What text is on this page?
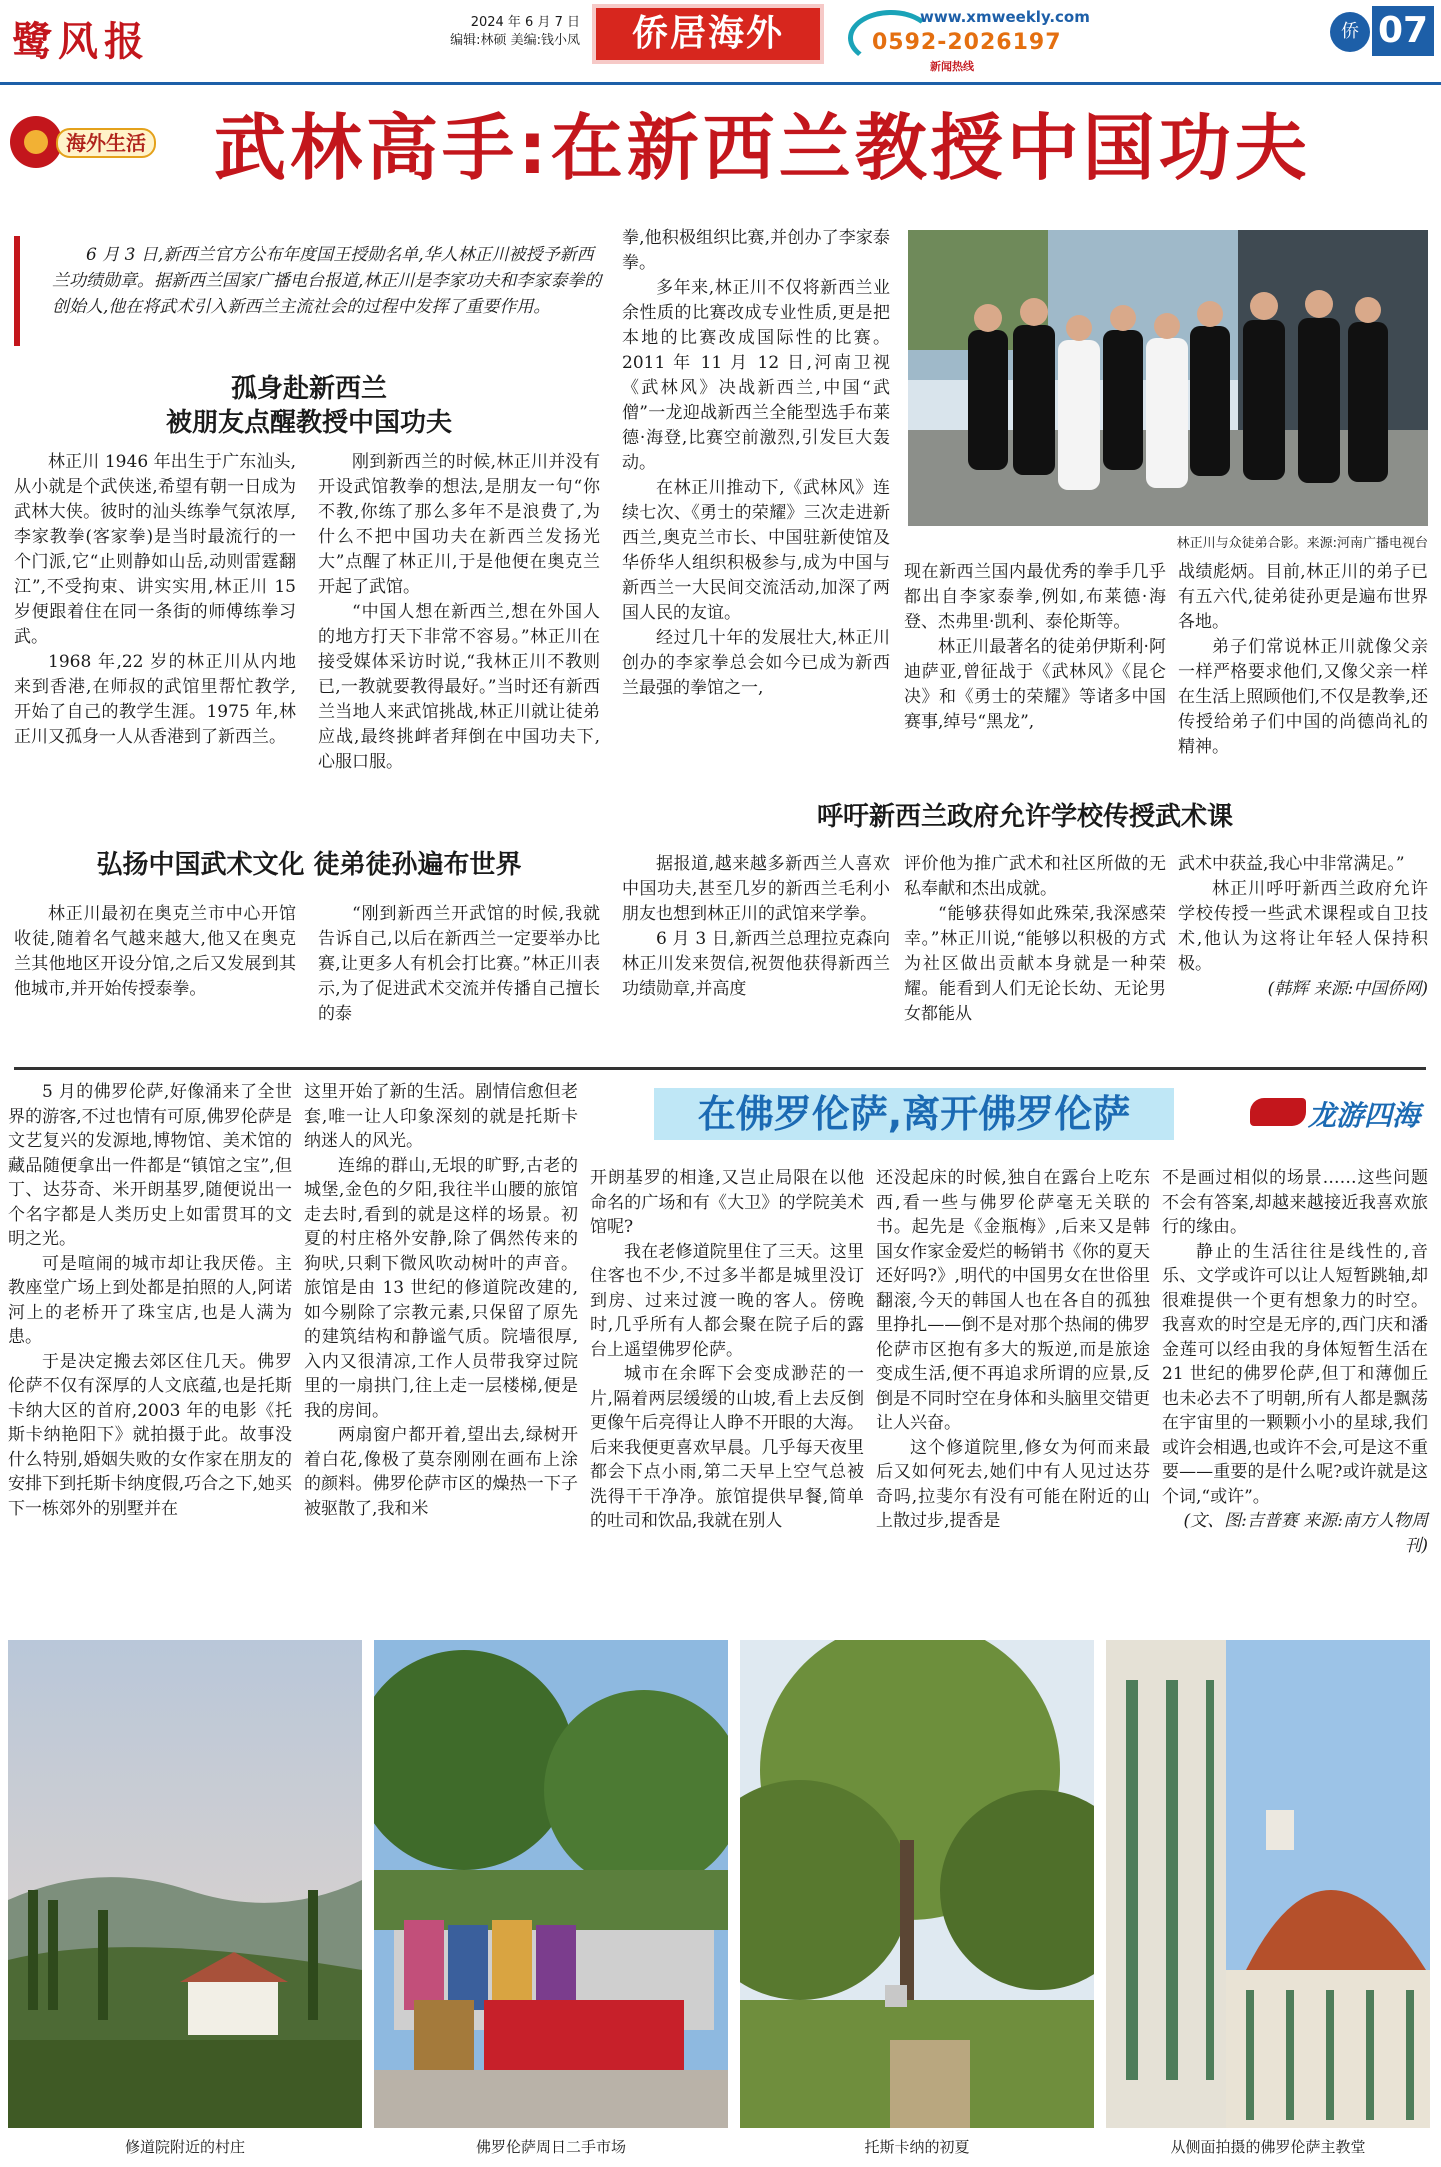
鹭风报	2024 年 6 月 7 日
编辑:林硕 美编:钱小凤	侨居海外	www.xmweekly.com
0592-2026197
新闻热线
侨 07
海外生活 武林高手:在新西兰教授中国功夫

6 月 3 日,新西兰官方公布年度国王授勋名单,华人林正川被授予新西兰功绩勋章。据新西兰国家广播电台报道,林正川是李家功夫和李家泰拳的创始人,他在将武术引入新西兰主流社会的过程中发挥了重要作用。

孤身赴新西兰
被朋友点醒教授中国功夫

林正川 1946 年出生于广东汕头,从小就是个武侠迷,希望有朝一日成为武林大侠。彼时的汕头练拳气氛浓厚,李家教拳(客家拳)是当时最流行的一个门派,它“止则静如山岳,动则雷霆翻江”,不受拘束、讲实实用,林正川 15 岁便跟着住在同一条街的师傅练拳习武。

1968 年,22 岁的林正川从内地来到香港,在师叔的武馆里帮忙教学,开始了自己的教学生涯。1975 年,林正川又孤身一人从香港到了新西兰。

刚到新西兰的时候,林正川并没有开设武馆教拳的想法,是朋友一句“你不教,你练了那么多年不是浪费了,为什么不把中国功夫在新西兰发扬光大”点醒了林正川,于是他便在奥克兰开起了武馆。

“中国人想在新西兰,想在外国人的地方打天下非常不容易。”林正川在接受媒体采访时说,“我林正川不教则已,一教就要教得最好。”当时还有新西兰当地人来武馆挑战,林正川就让徒弟应战,最终挑衅者拜倒在中国功夫下,心服口服。

弘扬中国武术文化 徒弟徒孙遍布世界

林正川最初在奥克兰市中心开馆收徒,随着名气越来越大,他又在奥克兰其他地区开设分馆,之后又发展到其他城市,并开始传授泰拳。

“刚到新西兰开武馆的时候,我就告诉自己,以后在新西兰一定要举办比赛,让更多人有机会打比赛。”林正川表示,为了促进武术交流并传播自己擅长的泰

拳,他积极组织比赛,并创办了李家泰拳。

多年来,林正川不仅将新西兰业余性质的比赛改成专业性质,更是把本地的比赛改成国际性的比赛。2011 年 11 月 12 日,河南卫视《武林风》决战新西兰,中国“武僧”一龙迎战新西兰全能型选手布莱德·海登,比赛空前激烈,引发巨大轰动。

在林正川推动下,《武林风》连续七次、《勇士的荣耀》三次走进新西兰,奥克兰市长、中国驻新使馆及华侨华人组织积极参与,成为中国与新西兰一大民间交流活动,加深了两国人民的友谊。

经过几十年的发展壮大,林正川创办的李家拳总会如今已成为新西兰最强的拳馆之一,

林正川与众徒弟合影。来源:河南广播电视台

现在新西兰国内最优秀的拳手几乎都出自李家泰拳,例如,布莱德·海登、杰弗里·凯利、泰伦斯等。

林正川最著名的徒弟伊斯利·阿迪萨亚,曾征战于《武林风》《昆仑决》和《勇士的荣耀》等诸多中国赛事,绰号“黑龙”,

战绩彪炳。目前,林正川的弟子已有五六代,徒弟徒孙更是遍布世界各地。

弟子们常说林正川就像父亲一样严格要求他们,又像父亲一样在生活上照顾他们,不仅是教拳,还传授给弟子们中国的尚德尚礼的精神。

呼吁新西兰政府允许学校传授武术课

据报道,越来越多新西兰人喜欢中国功夫,甚至几岁的新西兰毛利小朋友也想到林正川的武馆来学拳。

6 月 3 日,新西兰总理拉克森向林正川发来贺信,祝贺他获得新西兰功绩勋章,并高度

评价他为推广武术和社区所做的无私奉献和杰出成就。

“能够获得如此殊荣,我深感荣幸。”林正川说,“能够以积极的方式为社区做出贡献本身就是一种荣耀。能看到人们无论长幼、无论男女都能从

武术中获益,我心中非常满足。”

林正川呼吁新西兰政府允许学校传授一些武术课程或自卫技术,他认为这将让年轻人保持积极。

(韩辉 来源:中国侨网)
在佛罗伦萨,离开佛罗伦萨	龙游四海

5 月的佛罗伦萨,好像涌来了全世界的游客,不过也情有可原,佛罗伦萨是文艺复兴的发源地,博物馆、美术馆的藏品随便拿出一件都是“镇馆之宝”,但丁、达芬奇、米开朗基罗,随便说出一个名字都是人类历史上如雷贯耳的文明之光。

可是喧闹的城市却让我厌倦。主教座堂广场上到处都是拍照的人,阿诺河上的老桥开了珠宝店,也是人满为患。

于是决定搬去郊区住几天。佛罗伦萨不仅有深厚的人文底蕴,也是托斯卡纳大区的首府,2003 年的电影《托斯卡纳艳阳下》就拍摄于此。故事没什么特别,婚姻失败的女作家在朋友的安排下到托斯卡纳度假,巧合之下,她买下一栋郊外的别墅并在

这里开始了新的生活。剧情信愈但老套,唯一让人印象深刻的就是托斯卡纳迷人的风光。

连绵的群山,无垠的旷野,古老的城堡,金色的夕阳,我往半山腰的旅馆走去时,看到的就是这样的场景。初夏的村庄格外安静,除了偶然传来的狗吠,只剩下微风吹动树叶的声音。旅馆是由 13 世纪的修道院改建的,如今剔除了宗教元素,只保留了原先的建筑结构和静谧气质。院墙很厚,入内又很清凉,工作人员带我穿过院里的一扇拱门,往上走一层楼梯,便是我的房间。

两扇窗户都开着,望出去,绿树开着白花,像极了莫奈刚刚在画布上涂的颜料。佛罗伦萨市区的燥热一下子被驱散了,我和米

开朗基罗的相逢,又岂止局限在以他命名的广场和有《大卫》的学院美术馆呢?

我在老修道院里住了三天。这里住客也不少,不过多半都是城里没订到房、过来过渡一晚的客人。傍晚时,几乎所有人都会聚在院子后的露台上遥望佛罗伦萨。

城市在余晖下会变成渺茫的一片,隔着两层缓缓的山坡,看上去反倒更像午后亮得让人睁不开眼的大海。后来我便更喜欢早晨。几乎每天夜里都会下点小雨,第二天早上空气总被洗得干干净净。旅馆提供早餐,简单的吐司和饮品,我就在别人

还没起床的时候,独自在露台上吃东西,看一些与佛罗伦萨毫无关联的书。起先是《金瓶梅》,后来又是韩国女作家金爱烂的畅销书《你的夏天还好吗?》,明代的中国男女在世俗里翻滚,今天的韩国人也在各自的孤独里挣扎——倒不是对那个热闹的佛罗伦萨市区抱有多大的叛逆,而是旅途变成生活,便不再追求所谓的应景,反倒是不同时空在身体和头脑里交错更让人兴奋。

这个修道院里,修女为何而来最后又如何死去,她们中有人见过达芬奇吗,拉斐尔有没有可能在附近的山上散过步,提香是

不是画过相似的场景……这些问题不会有答案,却越来越接近我喜欢旅行的缘由。

静止的生活往往是线性的,音乐、文学或许可以让人短暂跳轴,却很难提供一个更有想象力的时空。我喜欢的时空是无序的,西门庆和潘金莲可以经由我的身体短暂生活在 21 世纪的佛罗伦萨,但丁和薄伽丘也未必去不了明朝,所有人都是飘荡在宇宙里的一颗颗小小的星球,我们或许会相遇,也或许不会,可是这不重要——重要的是什么呢?或许就是这个词,“或许”。

(文、图:吉普赛 来源:南方人物周刊)
修道院附近的村庄	佛罗伦萨周日二手市场	托斯卡纳的初夏	从侧面拍摄的佛罗伦萨主教堂
